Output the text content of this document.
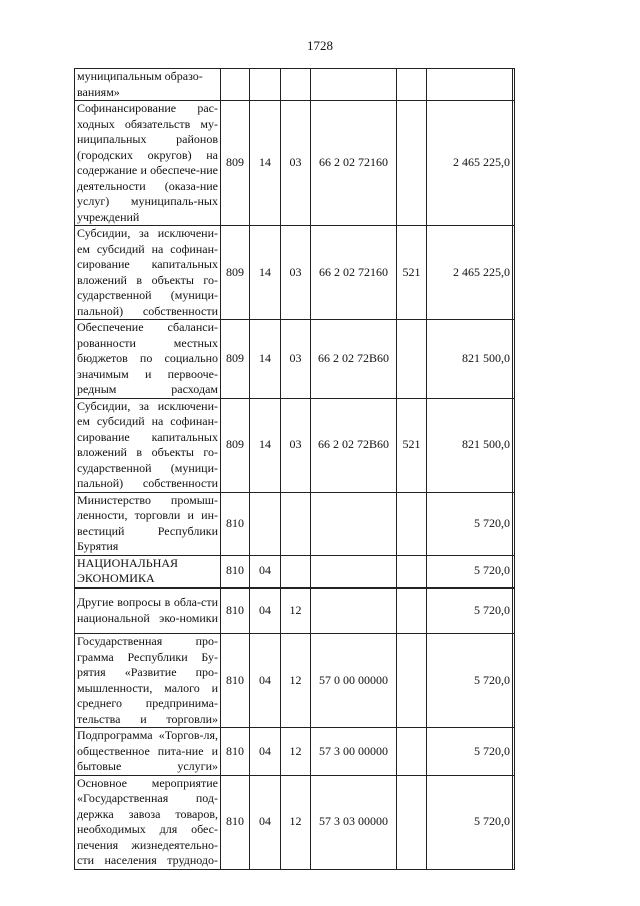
1728
муниципальным образо-
ваниям»							
Софинансирование рас-ходных обязательств му-ниципальных районов (городских округов) на содержание и обеспече-ние деятельности (оказа-ние услуг) муниципаль-ных учреждений	809	14	03	66 2 02 72160		2 465 225,0	
Субсидии, за исключени-ем субсидий на софинан-сирование капитальных вложений в объекты го-сударственной (муници-пальной) собственности	809	14	03	66 2 02 72160	521	2 465 225,0	
Обеспечение сбаланси-рованности местных бюджетов по социально значимым и первооче-редным расходам	809	14	03	66 2 02 72В60		821 500,0	
Субсидии, за исключени-ем субсидий на софинан-сирование капитальных вложений в объекты го-сударственной (муници-пальной) собственности	809	14	03	66 2 02 72В60	521	821 500,0	
Министерство промыш-ленности, торговли и ин-вестиций Республики Бурятия	810					5 720,0	
НАЦИОНАЛЬНАЯ ЭКОНОМИКА	810	04				5 720,0	
Другие вопросы в обла-сти национальной эко-номики	810	04	12			5 720,0	
Государственная про-грамма Республики Бу-рятия «Развитие про-мышленности, малого и среднего предпринима-тельства и торговли»	810	04	12	57 0 00 00000		5 720,0	
Подпрограмма «Торгов-ля, общественное пита-ние и бытовые услуги»	810	04	12	57 3 00 00000		5 720,0	
Основное мероприятие «Государственная под-держка завоза товаров, необходимых для обес-печения жизнедеятельно-сти населения труднодо-	810	04	12	57 3 03 00000		5 720,0	
